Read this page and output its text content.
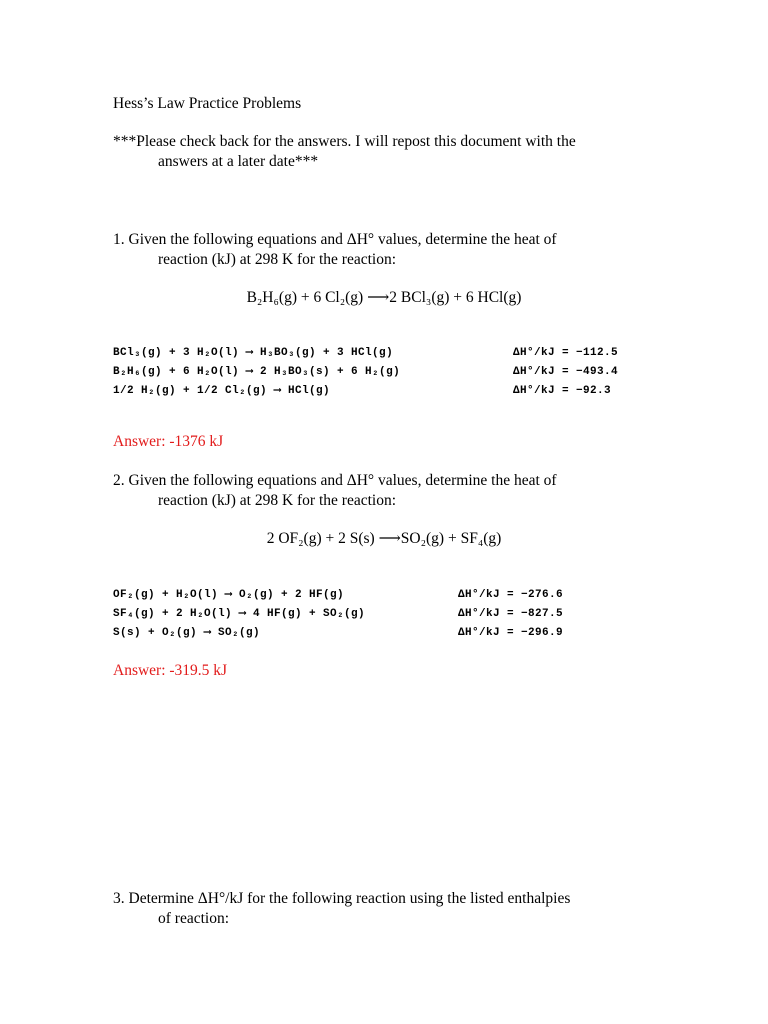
Hess’s Law Practice Problems
***Please check back for the answers. I will repost this document with the
answers at a later date***
1. Given the following equations and ΔH° values, determine the heat of
reaction (kJ) at 298 K for the reaction:
B₂H₆(g) + 6 Cl₂(g) ⟶2 BCl₃(g) + 6 HCl(g)
BCl₃(g) + 3 H₂O(l) ⟶ H₃BO₃(g) + 3 HCl(g)	ΔH°/kJ = −112.5
B₂H₆(g) + 6 H₂O(l) ⟶ 2 H₃BO₃(s) + 6 H₂(g)	ΔH°/kJ = −493.4
1/2 H₂(g) + 1/2 Cl₂(g) ⟶ HCl(g)	ΔH°/kJ = −92.3
Answer: -1376 kJ
2. Given the following equations and ΔH° values, determine the heat of
reaction (kJ) at 298 K for the reaction:
2 OF₂(g) + 2 S(s) ⟶SO₂(g) + SF₄(g)
OF₂(g) + H₂O(l) ⟶ O₂(g) + 2 HF(g)	ΔH°/kJ = −276.6
SF₄(g) + 2 H₂O(l) ⟶ 4 HF(g) + SO₂(g)	ΔH°/kJ = −827.5
S(s) + O₂(g) ⟶ SO₂(g)	ΔH°/kJ = −296.9
Answer: -319.5 kJ
3. Determine ΔH°/kJ for the following reaction using the listed enthalpies
of reaction:
